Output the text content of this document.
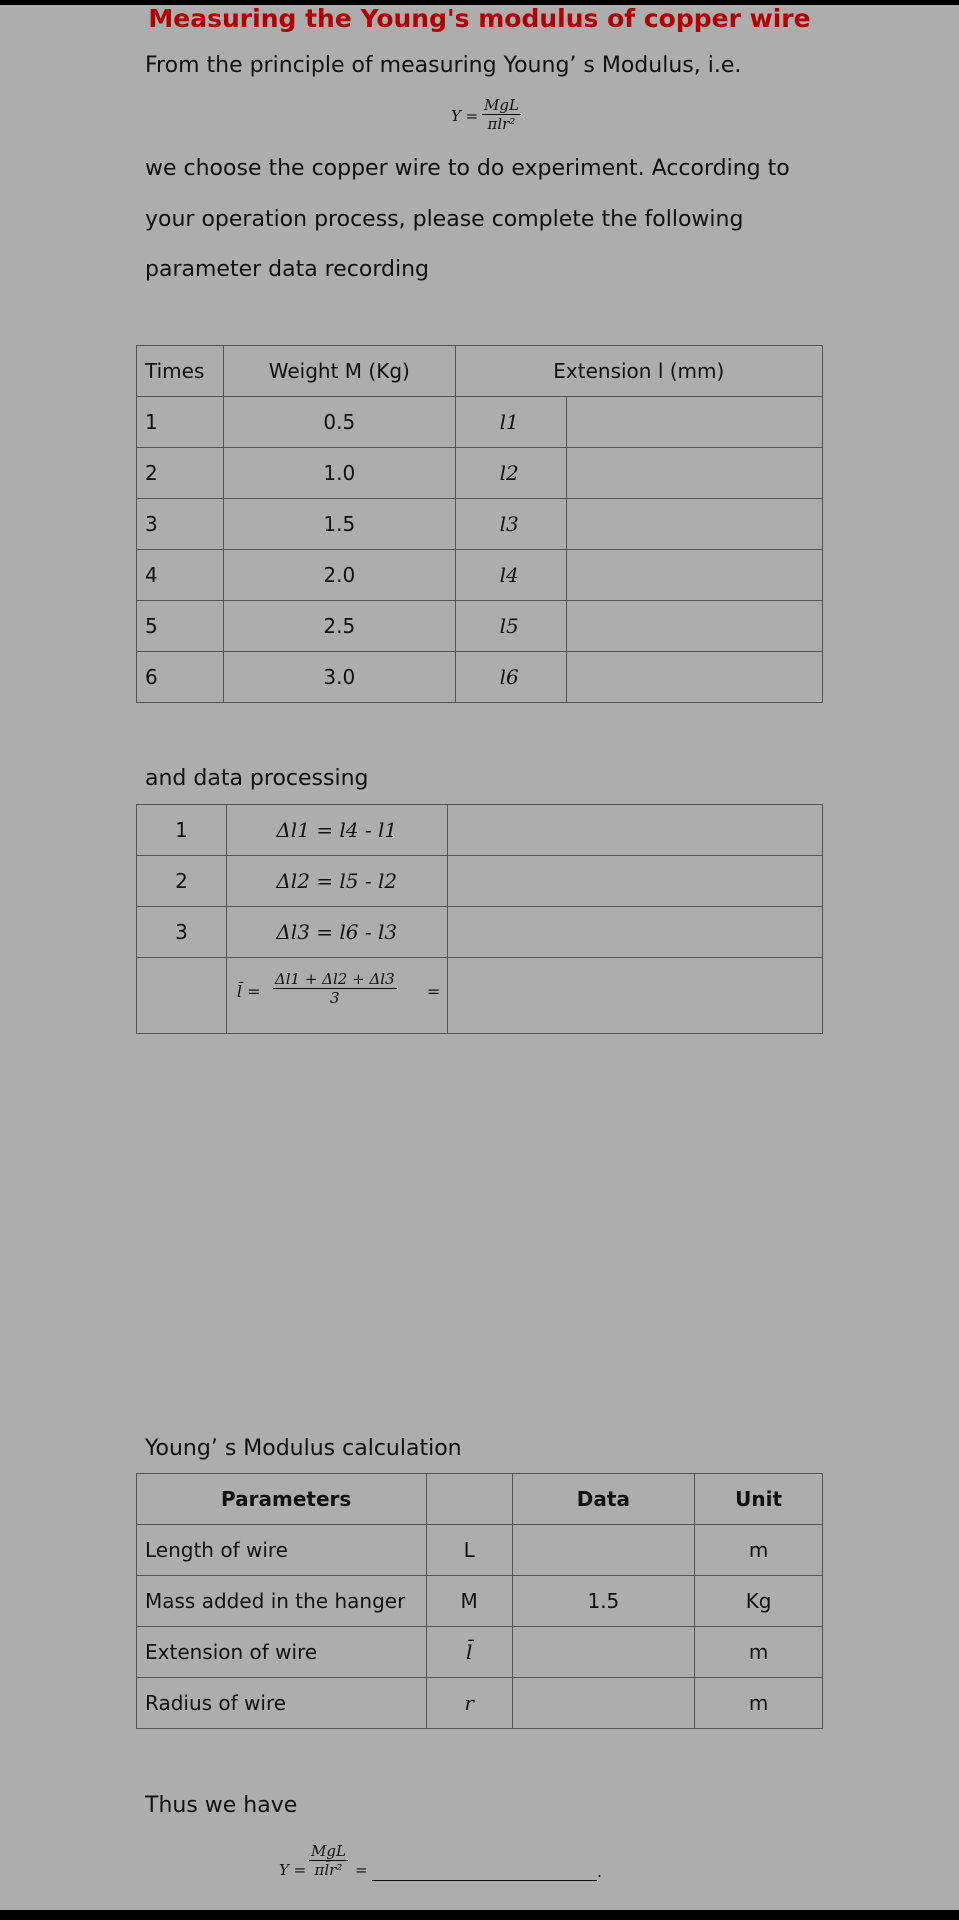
Measuring the Young's modulus of copper wire
From the principle of measuring Young’ s Modulus, i.e.
Y =
MgL
πlr²
we choose the copper wire to do experiment. According to
your operation process, please complete the following
parameter data recording
Times	Weight M (Kg)	Extension l (mm)	
1	0.5	l1	
2	1.0	l2	
3	1.5	l3	
4	2.0	l4	
5	2.5	l5	
6	3.0	l6	
and data processing
1	Δl1 = l4 - l1	
2	Δl2 = l5 - l2	
3	Δl3 = l6 - l3	

	l̄ = $\frac{\Delta l1 + \Delta l2 + \Delta l3}{3}$ =	

Young’ s Modulus calculation
Parameters		Data	Unit
Length of wire	L		m
Mass added in the hanger	M	1.5	Kg
Extension of wire	l̄		m
Radius of wire	r		m
Thus we have
Y =
MgL
πl̄r² =	.
